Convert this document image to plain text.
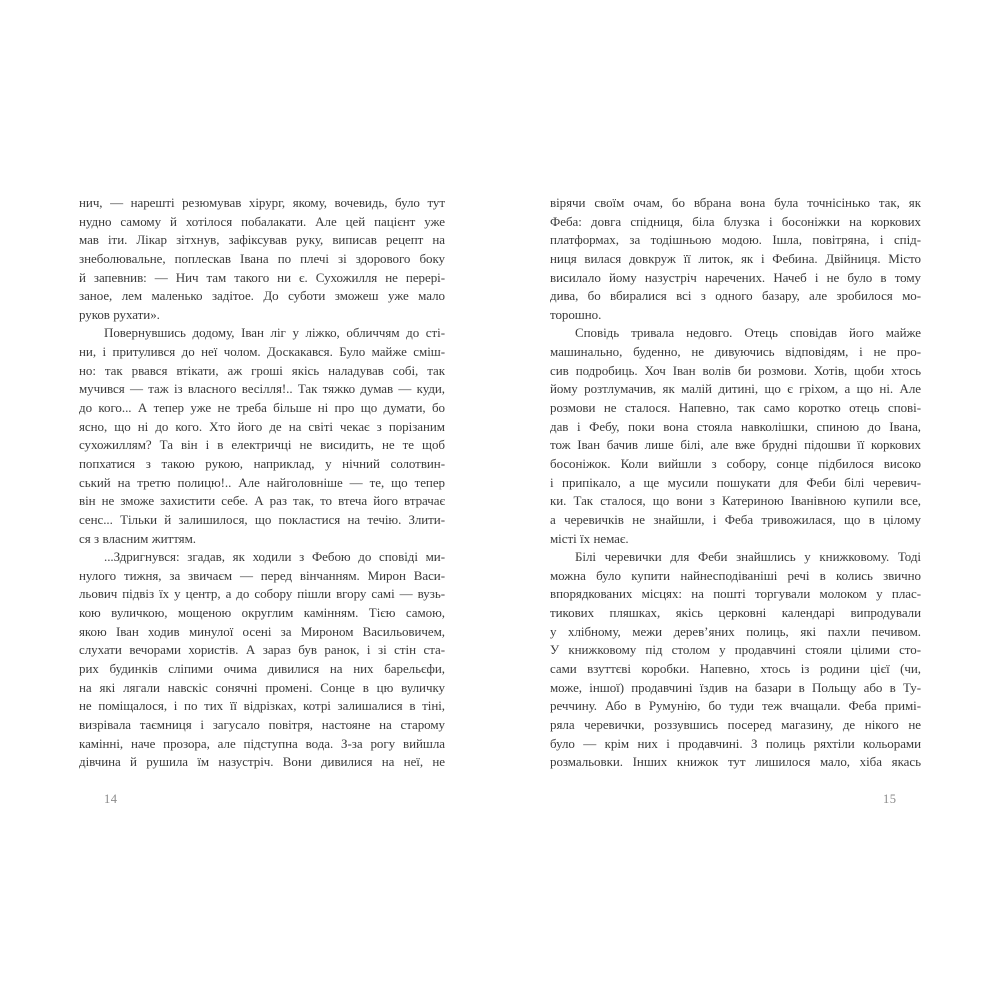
нич, — нарешті резюмував хірург, якому, вочевидь, було тут
нудно самому й хотілося побалакати. Але цей пацієнт уже
мав іти. Лікар зітхнув, зафіксував руку, виписав рецепт на
знеболювальне, поплескав Івана по плечі зі здорового боку
й запевнив: — Нич там такого ни є. Сухожилля не перері-
заное, лем маленько задітое. До суботи зможеш уже мало
руков рухати».
Повернувшись додому, Іван ліг у ліжко, обличчям до сті-
ни, і притулився до неї чолом. Доскакався. Було майже сміш-
но: так рвався втікати, аж гроші якісь наладував собі, так
мучився — таж із власного весілля!.. Так тяжко думав — куди,
до кого... А тепер уже не треба більше ні про що думати, бо
ясно, що ні до кого. Хто його де на світі чекає з порізаним
сухожиллям? Та він і в електричці не висидить, не те щоб
попхатися з такою рукою, наприклад, у нічний солотвин-
ський на третю полицю!.. Але найголовніше — те, що тепер
він не зможе захистити себе. А раз так, то втеча його втрачає
сенс... Тільки й залишилося, що покластися на течію. Злити-
ся з власним життям.
...Здригнувся: згадав, як ходили з Фебою до сповіді ми-
нулого тижня, за звичаєм — перед вінчанням. Мирон Васи-
льович підвіз їх у центр, а до собору пішли вгору самі — вузь-
кою вуличкою, мощеною округлим камінням. Тією самою,
якою Іван ходив минулої осені за Мироном Васильовичем,
слухати вечорами хористів. А зараз був ранок, і зі стін ста-
рих будинків сліпими очима дивилися на них барельєфи,
на які лягали навскіс сонячні промені. Сонце в цю вуличку
не поміщалося, і по тих її відрізках, котрі залишалися в тіні,
визрівала таємниця і загусало повітря, настояне на старому
камінні, наче прозора, але підступна вода. З-за рогу вийшла
дівчина й рушила їм назустріч. Вони дивилися на неї, не
вірячи своїм очам, бо вбрана вона була точнісінько так, як
Феба: довга спідниця, біла блузка і босоніжки на коркових
платформах, за тодішньою модою. Ішла, повітряна, і спід-
ниця вилася довкруж її литок, як і Фебина. Двійниця. Місто
висилало йому назустріч наречених. Начеб і не було в тому
дива, бо вбиралися всі з одного базару, але зробилося мо-
торошно.
Сповідь тривала недовго. Отець сповідав його майже
машинально, буденно, не дивуючись відповідям, і не про-
сив подробиць. Хоч Іван волів би розмови. Хотів, щоби хтось
йому розтлумачив, як малій дитині, що є гріхом, а що ні. Але
розмови не сталося. Напевно, так само коротко отець спові-
дав і Фебу, поки вона стояла навколішки, спиною до Івана,
тож Іван бачив лише білі, але вже брудні підошви її коркових
босоніжок. Коли вийшли з собору, сонце підбилося високо
і припікало, а ще мусили пошукати для Феби білі черевич-
ки. Так сталося, що вони з Катериною Іванівною купили все,
а черевичків не знайшли, і Феба тривожилася, що в цілому
місті їх немає.
Білі черевички для Феби знайшлись у книжковому. Тоді
можна було купити найнесподіваніші речі в колись звично
впорядкованих місцях: на пошті торгували молоком у плас-
тикових пляшках, якісь церковні календарі випродували
у хлібному, межи дерев’яних полиць, які пахли печивом.
У книжковому під столом у продавчині стояли цілими сто-
сами взуттєві коробки. Напевно, хтось із родини цієї (чи,
може, іншої) продавчині їздив на базари в Польщу або в Ту-
реччину. Або в Румунію, бо туди теж вчащали. Феба примі-
ряла черевички, роззувшись посеред магазину, де нікого не
було — крім них і продавчині. З полиць ряхтіли кольорами
розмальовки. Інших книжок тут лишилося мало, хіба якась
14	15
